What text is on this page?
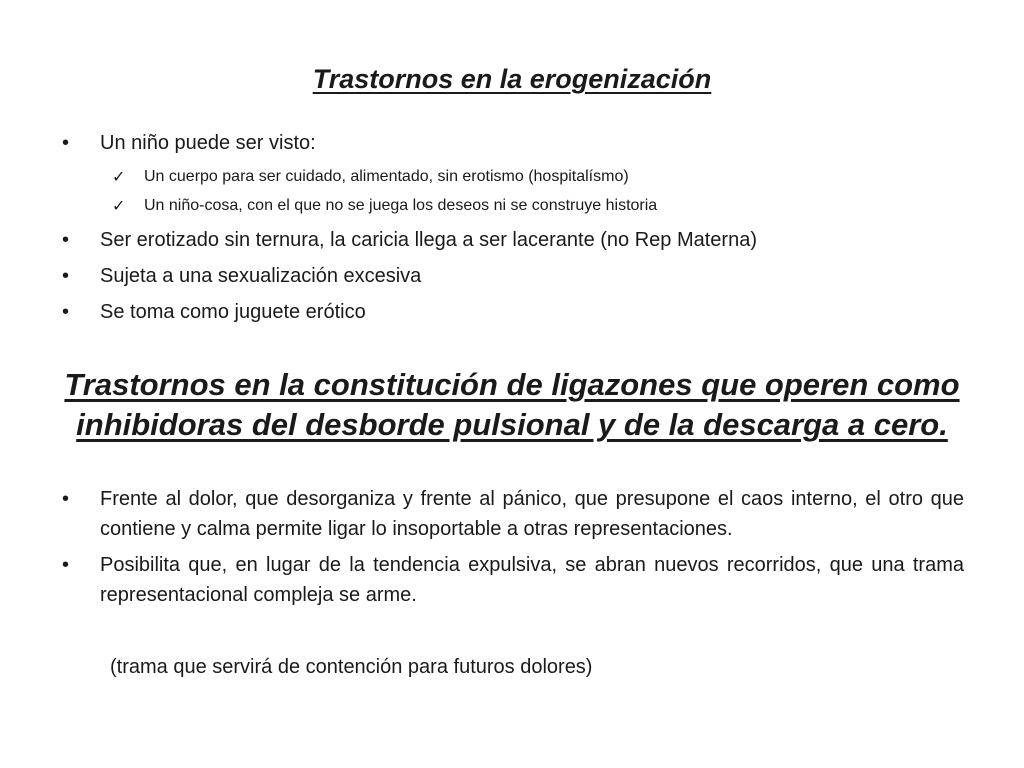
Trastornos en la erogenización
• Un niño puede ser visto:
✓ Un cuerpo para ser cuidado, alimentado, sin erotismo (hospitalísmo)
✓ Un niño-cosa, con el que no se juega los deseos ni se construye historia
• Ser erotizado sin ternura, la caricia llega a ser lacerante (no Rep Materna)
• Sujeta a una sexualización excesiva
• Se toma como juguete erótico
Trastornos en la constitución de ligazones que operen como inhibidoras del desborde pulsional y de la descarga a cero.
• Frente al dolor, que desorganiza y frente al pánico, que presupone el caos interno, el otro que contiene y calma permite ligar lo insoportable a otras representaciones.
• Posibilita que, en lugar de la tendencia expulsiva, se abran nuevos recorridos, que una trama representacional compleja se arme.
(trama que servirá de contención para futuros dolores)
